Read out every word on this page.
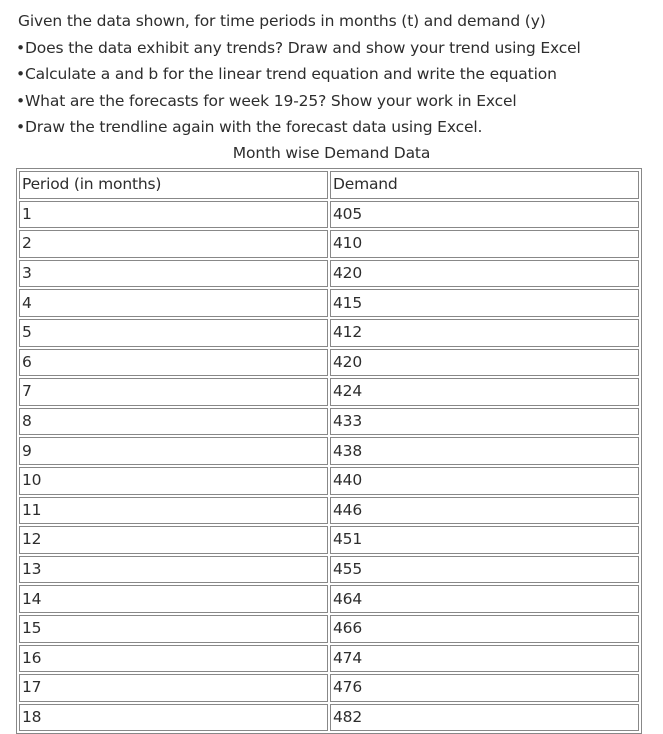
Given the data shown, for time periods in months (t) and demand (y)
•Does the data exhibit any trends? Draw and show your trend using Excel
•Calculate a and b for the linear trend equation and write the equation
•What are the forecasts for week 19-25? Show your work in Excel
•Draw the trendline again with the forecast data using Excel.
Month wise Demand Data
Period (in months)	Demand
1	405
2	410
3	420
4	415
5	412
6	420
7	424
8	433
9	438
10	440
11	446
12	451
13	455
14	464
15	466
16	474
17	476
18	482
